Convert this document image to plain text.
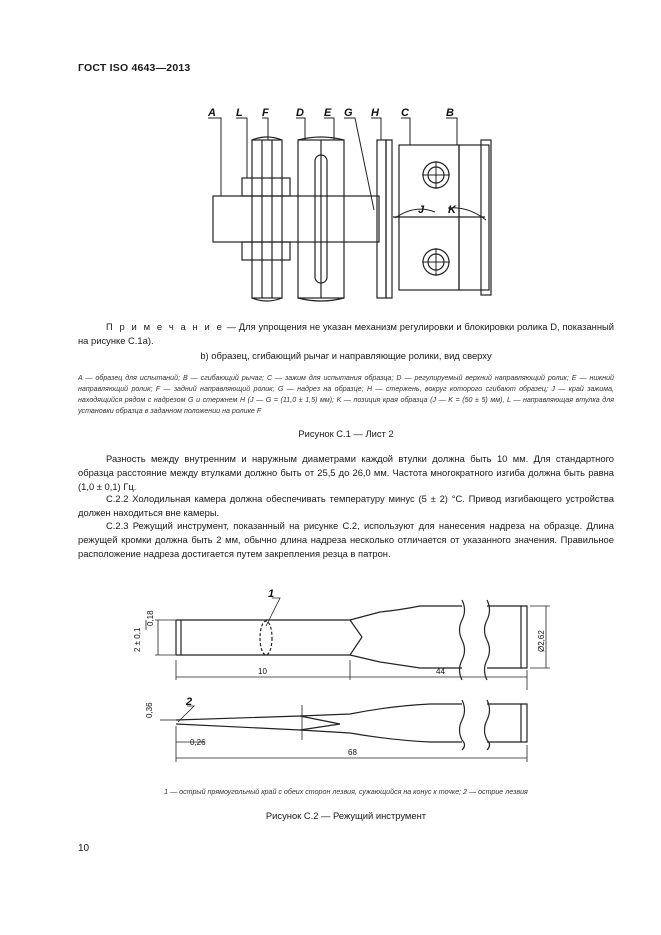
ГОСТ ISO 4643—2013
A L F D E G H C	B
J K
П р и м е ч а н и е — Для упрощения не указан механизм регулировки и блокировки ролика D, показанный на рисунке С.1а).
b) образец, сгибающий рычаг и направляющие ролики, вид сверху
A — образец для испытаний; B — сгибающий рычаг; C — зажим для испытания образца; D — регулируемый верхний направляющий ролик; E — нижний направляющий ролик; F — задний направляющий ролик; G — надрез на образце; H — стержень, вокруг которого сгибают образец; J — край зажима, находящийся рядом с надрезом G и стержнем H (J — G = (11,0 ± 1,5) мм); K — позиция края образца (J — K = (50 ± 5) мм), L — направляющая втулка для установки образца в заданном положении на ролике F
Рисунок С.1 — Лист 2
Разность между внутренним и наружным диаметрами каждой втулки должна быть 10 мм. Для стандартного образца расстояние между втулками должно быть от 25,5 до 26,0 мм. Частота многократного изгиба должна быть равна (1,0 ± 0,1) Гц.
С.2.2 Холодильная камера должна обеспечивать температуру минус (5 ± 2) °С. Привод изгибающего устройства должен находиться вне камеры.
С.2.3 Режущий инструмент, показанный на рисунке С.2, используют для нанесения надреза на образце. Длина режущей кромки должна быть 2 мм, обычно длина надреза несколько отличается от указанного значения. Правильное расположение надреза достигается путем закрепления резца в патрон.
1
2
0,18
2 ± 0,1
10	44
Ø2,62
0,36
0,26
68
1 — острый прямоугольный край с обеих сторон лезвия, сужающийся на конус к точке; 2 — острие лезвия
Рисунок С.2 — Режущий инструмент
10
